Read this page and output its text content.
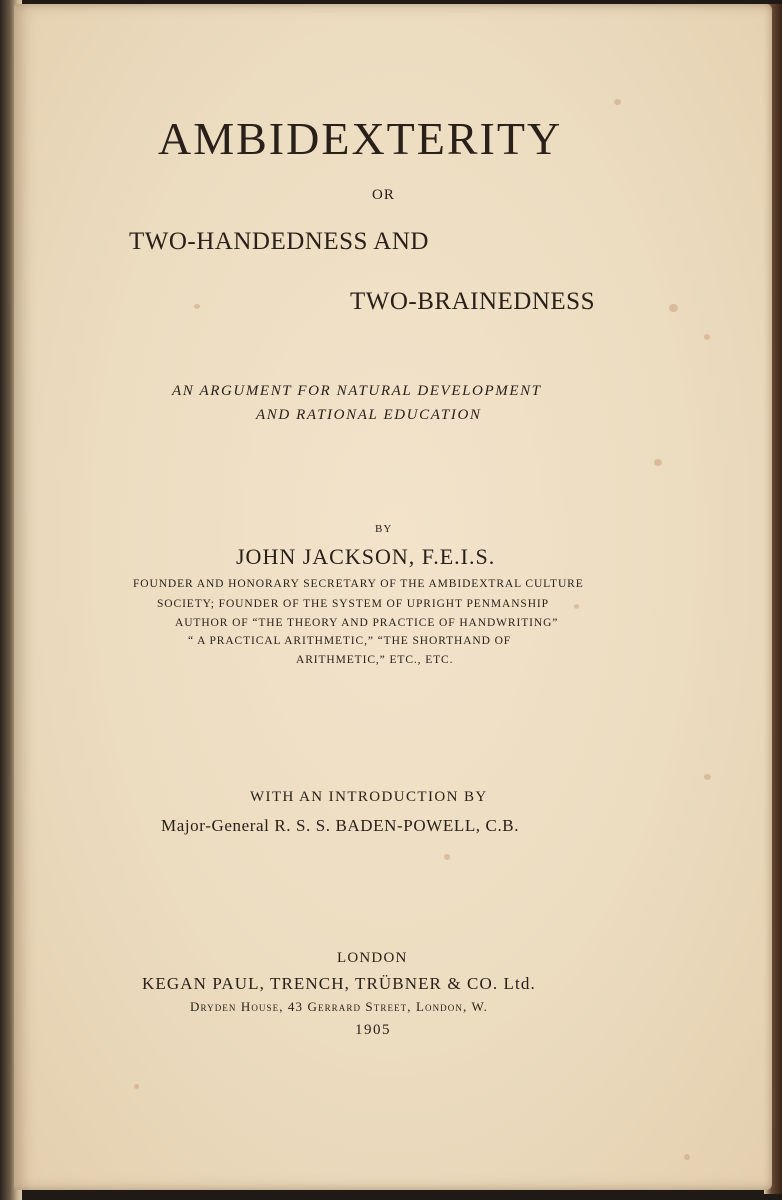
AMBIDEXTERITY

OR

TWO-HANDEDNESS AND

TWO-BRAINEDNESS

AN ARGUMENT FOR NATURAL DEVELOPMENT

AND RATIONAL EDUCATION

BY

JOHN JACKSON, F.E.I.S.

FOUNDER AND HONORARY SECRETARY OF THE AMBIDEXTRAL CULTURE

SOCIETY; FOUNDER OF THE SYSTEM OF UPRIGHT PENMANSHIP

AUTHOR OF “THE THEORY AND PRACTICE OF HANDWRITING”

“ A PRACTICAL ARITHMETIC,” “THE SHORTHAND OF

ARITHMETIC,” ETC., ETC.

WITH AN INTRODUCTION BY

Major-General R. S. S. BADEN-POWELL, C.B.

LONDON

KEGAN PAUL, TRENCH, TRÜBNER & CO. Ltd.

Dryden House, 43 Gerrard Street, London, W.

1905
